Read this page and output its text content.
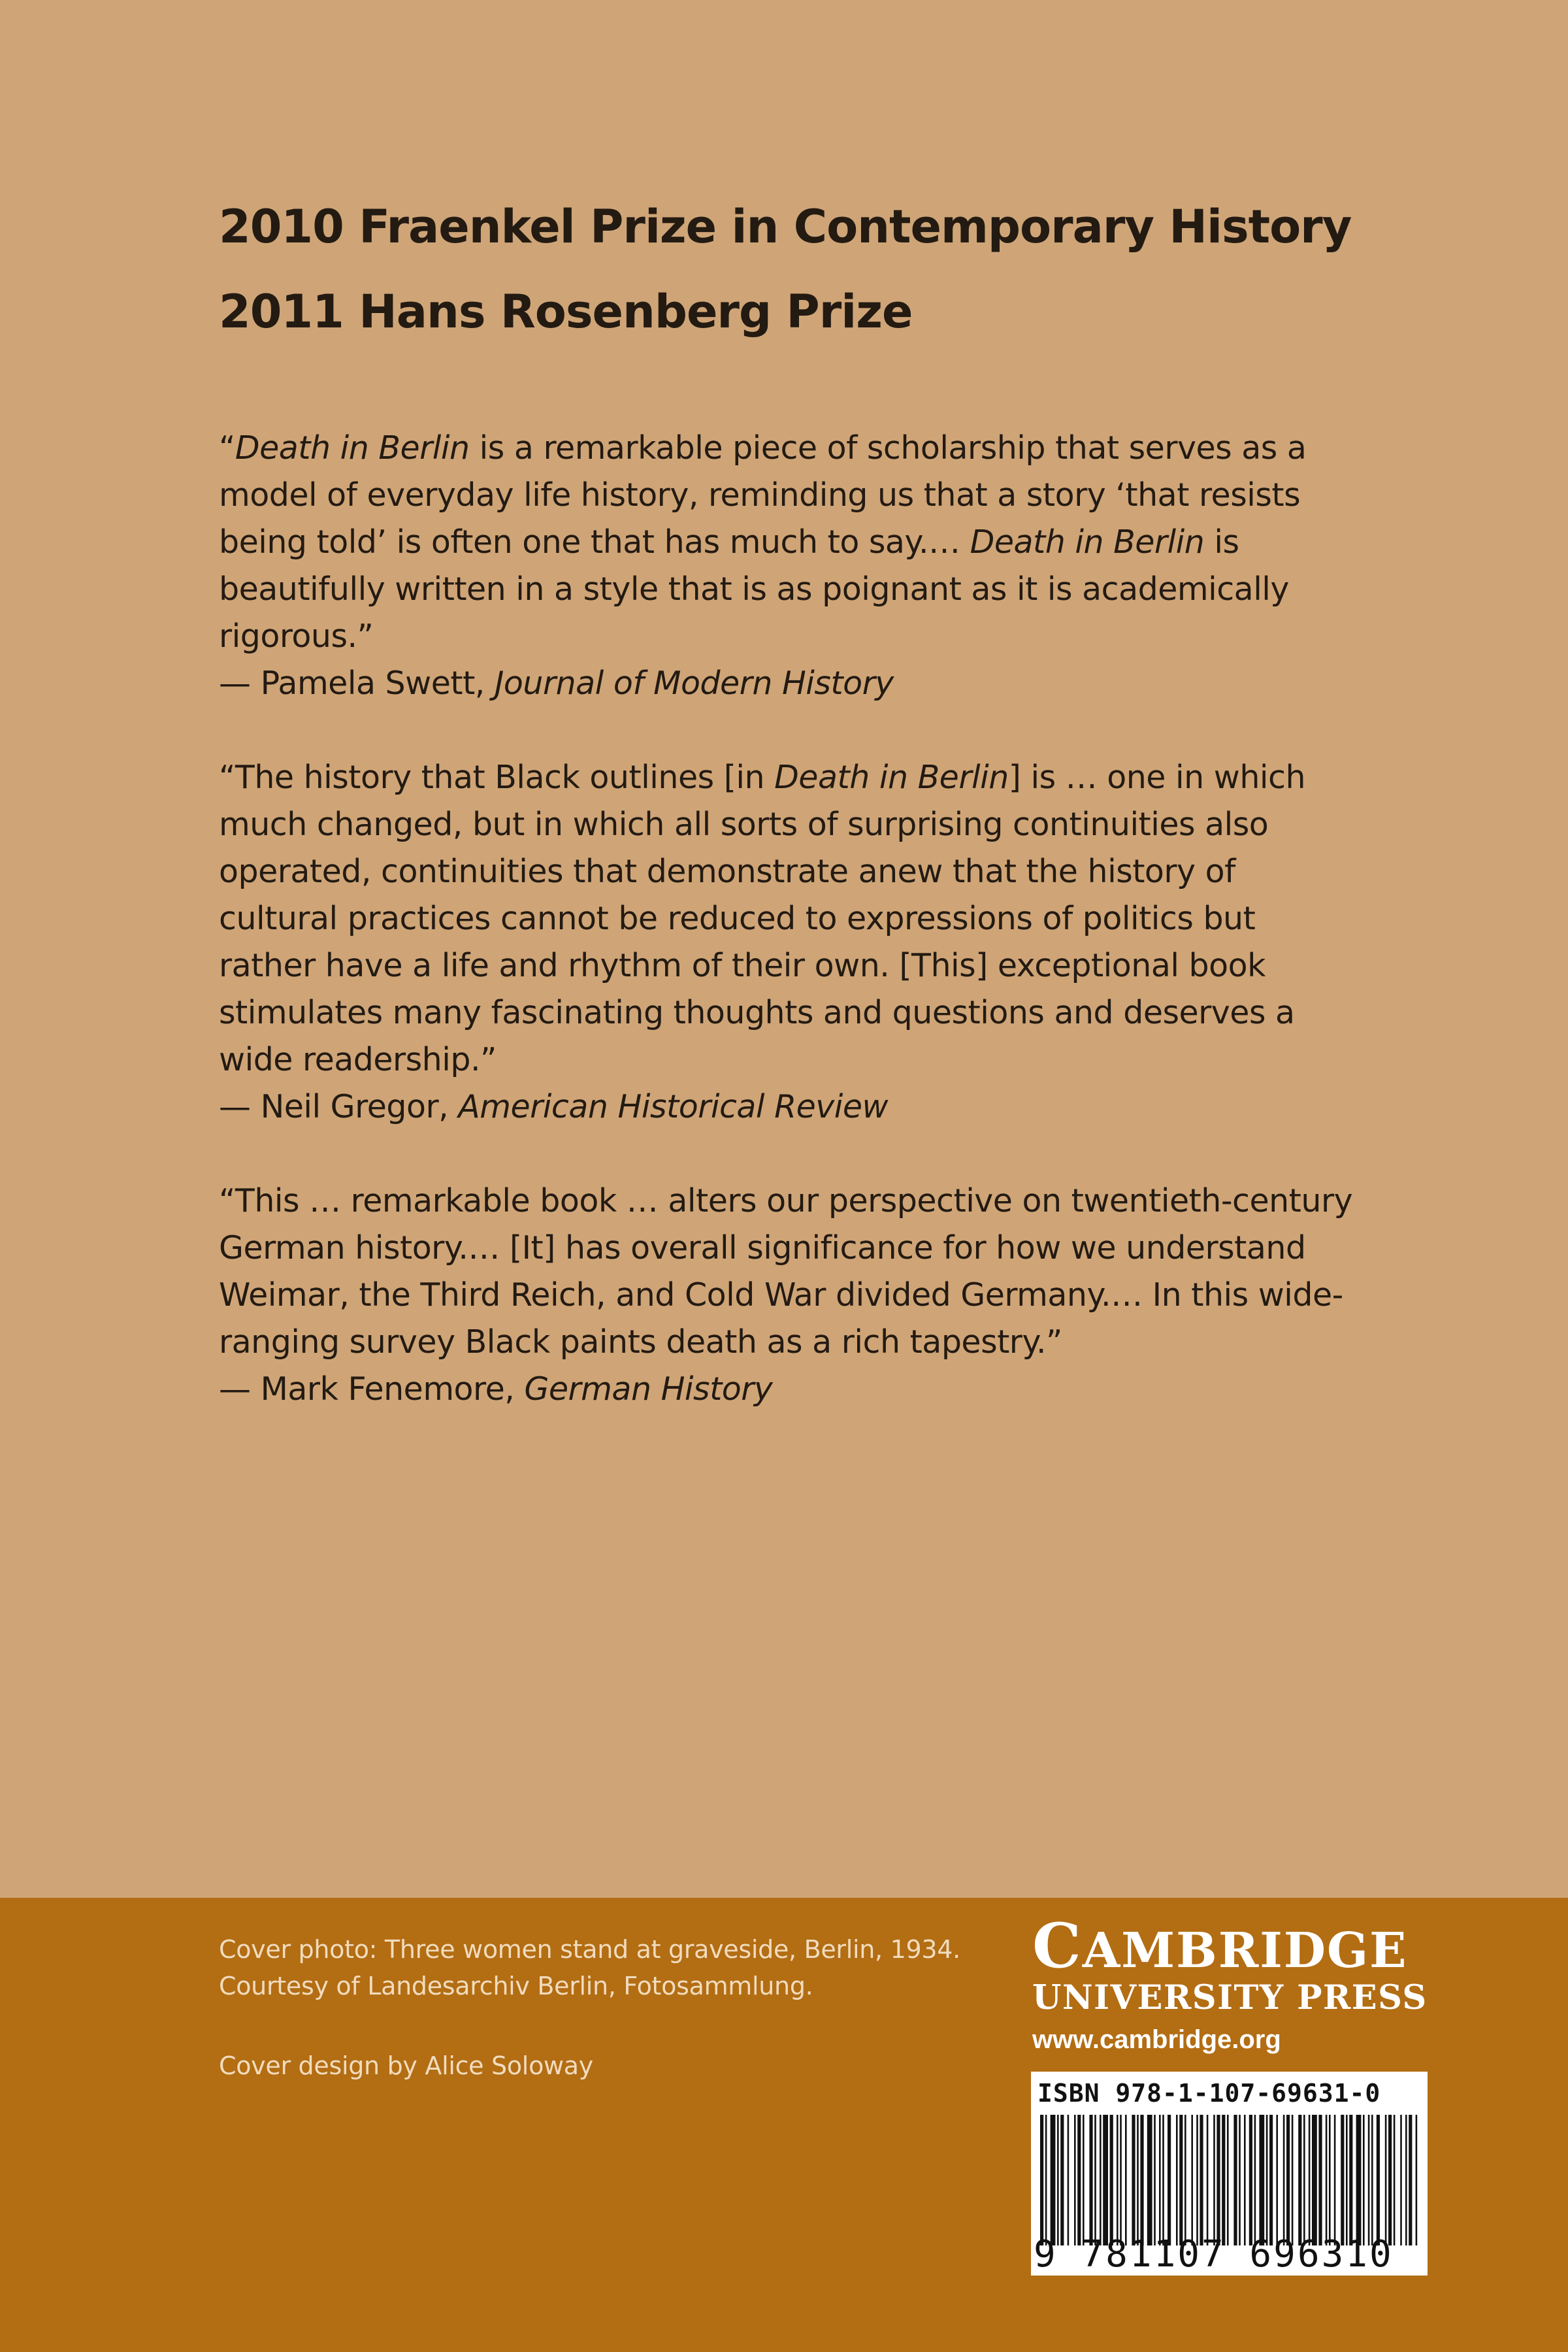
2010 Fraenkel Prize in Contemporary History

2011 Hans Rosenberg Prize

“Death in Berlin is a remarkable piece of scholarship that serves as a model of everyday life history, reminding us that a story ‘that resists being told’ is often one that has much to say.… Death in Berlin is beautifully written in a style that is as poignant as it is academically rigorous.”

— Pamela Swett, Journal of Modern History

“The history that Black outlines [in Death in Berlin] is … one in which much changed, but in which all sorts of surprising continuities also operated, continuities that demonstrate anew that the history of cultural practices cannot be reduced to expressions of politics but rather have a life and rhythm of their own. [This] exceptional book stimulates many fascinating thoughts and questions and deserves a wide readership.”

— Neil Gregor, American Historical Review

“This … remarkable book … alters our perspective on twentieth-century German history.… [It] has overall significance for how we understand Weimar, the Third Reich, and Cold War divided Germany.… In this wide-ranging survey Black paints death as a rich tapestry.”

— Mark Fenemore, German History

Cover photo: Three women stand at graveside, Berlin, 1934.

Courtesy of Landesarchiv Berlin, Fotosammlung.

Cover design by Alice Soloway

CAMBRIDGE

UNIVERSITY PRESS

www.cambridge.org

ISBN 978-1-107-69631-0
9 781107 696310
